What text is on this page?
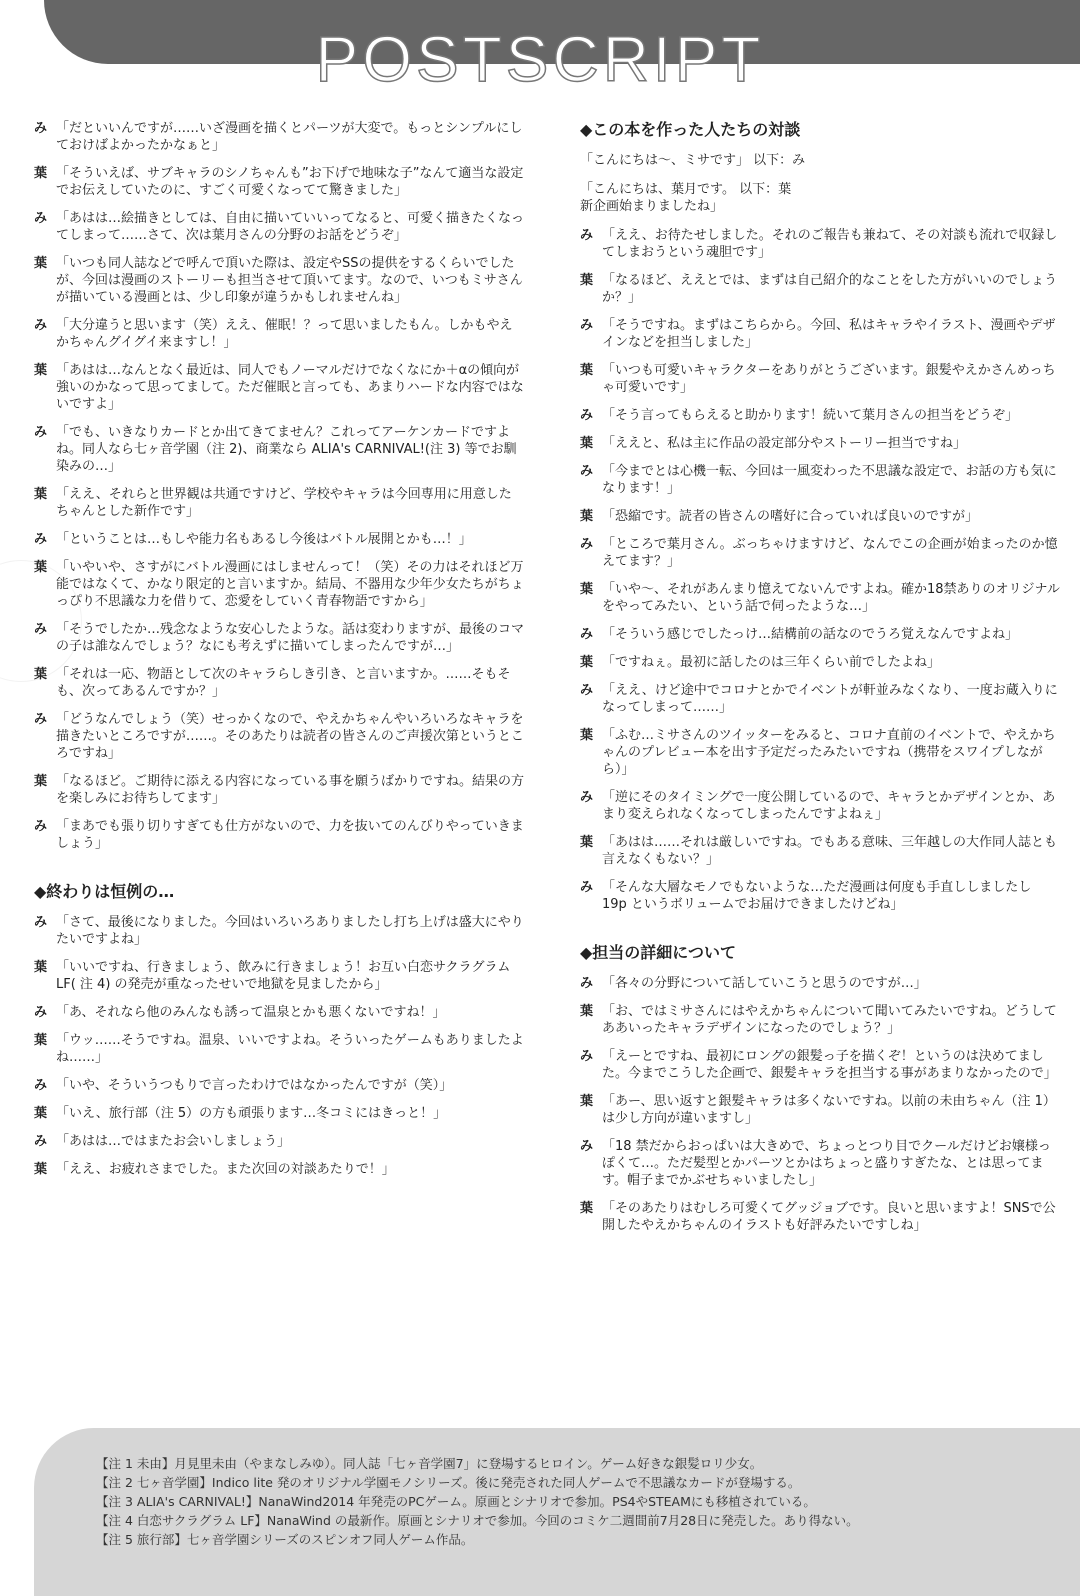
POSTSCRIPT
み 「だといいんですが……いざ漫画を描くとパーツが大変で。もっとシンプルにしておけばよかったかなぁと」
葉 「そういえば、サブキャラのシノちゃんも”お下げで地味な子”なんて適当な設定でお伝えしていたのに、すごく可愛くなってて驚きました」
み 「あはは…絵描きとしては、自由に描いていいってなると、可愛く描きたくなってしまって……さて、次は葉月さんの分野のお話をどうぞ」
葉 「いつも同人誌などで呼んで頂いた際は、設定やSSの提供をするくらいでしたが、今回は漫画のストーリーも担当させて頂いてます。なので、いつもミサさんが描いている漫画とは、少し印象が違うかもしれませんね」
み 「大分違うと思います（笑）ええ、催眠！？って思いましたもん。しかもやえかちゃんグイグイ来ますし！」
葉 「あはは…なんとなく最近は、同人でもノーマルだけでなくなにか＋αの傾向が強いのかなって思ってまして。ただ催眠と言っても、あまりハードな内容ではないですよ」
み 「でも、いきなりカードとか出てきてません？これってアーケンカードですよね。同人なら七ヶ音学園（注 2)、商業なら ALIA's CARNIVAL!(注 3) 等でお馴染みの…」
葉 「ええ、それらと世界観は共通ですけど、学校やキャラは今回専用に用意したちゃんとした新作です」
み 「ということは…もしや能力名もあるし今後はバトル展開とかも…！」
葉 「いやいや、さすがにバトル漫画にはしませんって！（笑）その力はそれほど万能ではなくて、かなり限定的と言いますか。結局、不器用な少年少女たちがちょっぴり不思議な力を借りて、恋愛をしていく青春物語ですから」
み 「そうでしたか…残念なような安心したような。話は変わりますが、最後のコマの子は誰なんでしょう？なにも考えずに描いてしまったんですが…」
葉 「それは一応、物語として次のキャラらしき引き、と言いますか。……そもそも、次ってあるんですか？」
み 「どうなんでしょう（笑）せっかくなので、やえかちゃんやいろいろなキャラを描きたいところですが……。そのあたりは読者の皆さんのご声援次第というところですね」
葉 「なるほど。ご期待に添える内容になっている事を願うばかりですね。結果の方を楽しみにお待ちしてます」
み 「まあでも張り切りすぎても仕方がないので、力を抜いてのんびりやっていきましょう」
◆終わりは恒例の…
み 「さて、最後になりました。今回はいろいろありましたし打ち上げは盛大にやりたいですよね」
葉 「いいですね、行きましょう、飲みに行きましょう！お互い白恋サクラグラム LF( 注 4) の発売が重なったせいで地獄を見ましたから」
み 「あ、それなら他のみんなも誘って温泉とかも悪くないですね！」
葉 「ウッ……そうですね。温泉、いいですよね。そういったゲームもありましたよね……」
み 「いや、そういうつもりで言ったわけではなかったんですが（笑）」
葉 「いえ、旅行部（注 5）の方も頑張ります…冬コミにはきっと！」
み 「あはは…ではまたお会いしましょう」
葉 「ええ、お疲れさまでした。また次回の対談あたりで！」
◆この本を作った人たちの対談
「こんにちは～、ミサです」 以下：み
「こんにちは、葉月です。 以下：葉
新企画始まりましたね」
み 「ええ、お待たせしました。それのご報告も兼ねて、その対談も流れで収録してしまおうという魂胆です」
葉 「なるほど、ええとでは、まずは自己紹介的なことをした方がいいのでしょうか？」
み 「そうですね。まずはこちらから。今回、私はキャラやイラスト、漫画やデザインなどを担当しました」
葉 「いつも可愛いキャラクターをありがとうございます。銀髪やえかさんめっちゃ可愛いです」
み 「そう言ってもらえると助かります！続いて葉月さんの担当をどうぞ」
葉 「ええと、私は主に作品の設定部分やストーリー担当ですね」
み 「今までとは心機一転、今回は一風変わった不思議な設定で、お話の方も気になります！」
葉 「恐縮です。読者の皆さんの嗜好に合っていれば良いのですが」
み 「ところで葉月さん。ぶっちゃけますけど、なんでこの企画が始まったのか憶えてます？」
葉 「いや～、それがあんまり憶えてないんですよね。確か18禁ありのオリジナルをやってみたい、という話で伺ったような…」
み 「そういう感じでしたっけ…結構前の話なのでうろ覚えなんですよね」
葉 「ですねぇ。最初に話したのは三年くらい前でしたよね」
み 「ええ、けど途中でコロナとかでイベントが軒並みなくなり、一度お蔵入りになってしまって……」
葉 「ふむ…ミサさんのツイッターをみると、コロナ直前のイベントで、やえかちゃんのプレビュー本を出す予定だったみたいですね（携帯をスワイプしながら）」
み 「逆にそのタイミングで一度公開しているので、キャラとかデザインとか、あまり変えられなくなってしまったんですよねぇ」
葉 「あはは……それは厳しいですね。でもある意味、三年越しの大作同人誌とも言えなくもない？」
み 「そんな大層なモノでもないような…ただ漫画は何度も手直ししましたし 19p というボリュームでお届けできましたけどね」
◆担当の詳細について
み 「各々の分野について話していこうと思うのですが…」
葉 「お、ではミサさんにはやえかちゃんについて聞いてみたいですね。どうしてああいったキャラデザインになったのでしょう？」
み 「えーとですね、最初にロングの銀髪っ子を描くぞ！というのは決めてました。今までこうした企画で、銀髪キャラを担当する事があまりなかったので」
葉 「あー、思い返すと銀髪キャラは多くないですね。以前の未由ちゃん（注 1）は少し方向が違いますし」
み 「18 禁だからおっぱいは大きめで、ちょっとつり目でクールだけどお嬢様っぽくて…。ただ髪型とかパーツとかはちょっと盛りすぎたな、とは思ってます。帽子までかぶせちゃいましたし」
葉 「そのあたりはむしろ可愛くてグッジョブです。良いと思いますよ！SNSで公開したやえかちゃんのイラストも好評みたいですしね」
【注 1 未由】月見里未由（やまなしみゆ）。同人誌「七ヶ音学園7」に登場するヒロイン。ゲーム好きな銀髪ロリ少女。
【注 2 七ヶ音学園】Indico lite 発のオリジナル学園モノシリーズ。後に発売された同人ゲームで不思議なカードが登場する。
【注 3 ALIA's CARNIVAL!】NanaWind2014 年発売のPCゲーム。原画とシナリオで参加。PS4やSTEAMにも移植されている。
【注 4 白恋サクラグラム LF】NanaWind の最新作。原画とシナリオで参加。今回のコミケ二週間前7月28日に発売した。あり得ない。
【注 5 旅行部】七ヶ音学園シリーズのスピンオフ同人ゲーム作品。
